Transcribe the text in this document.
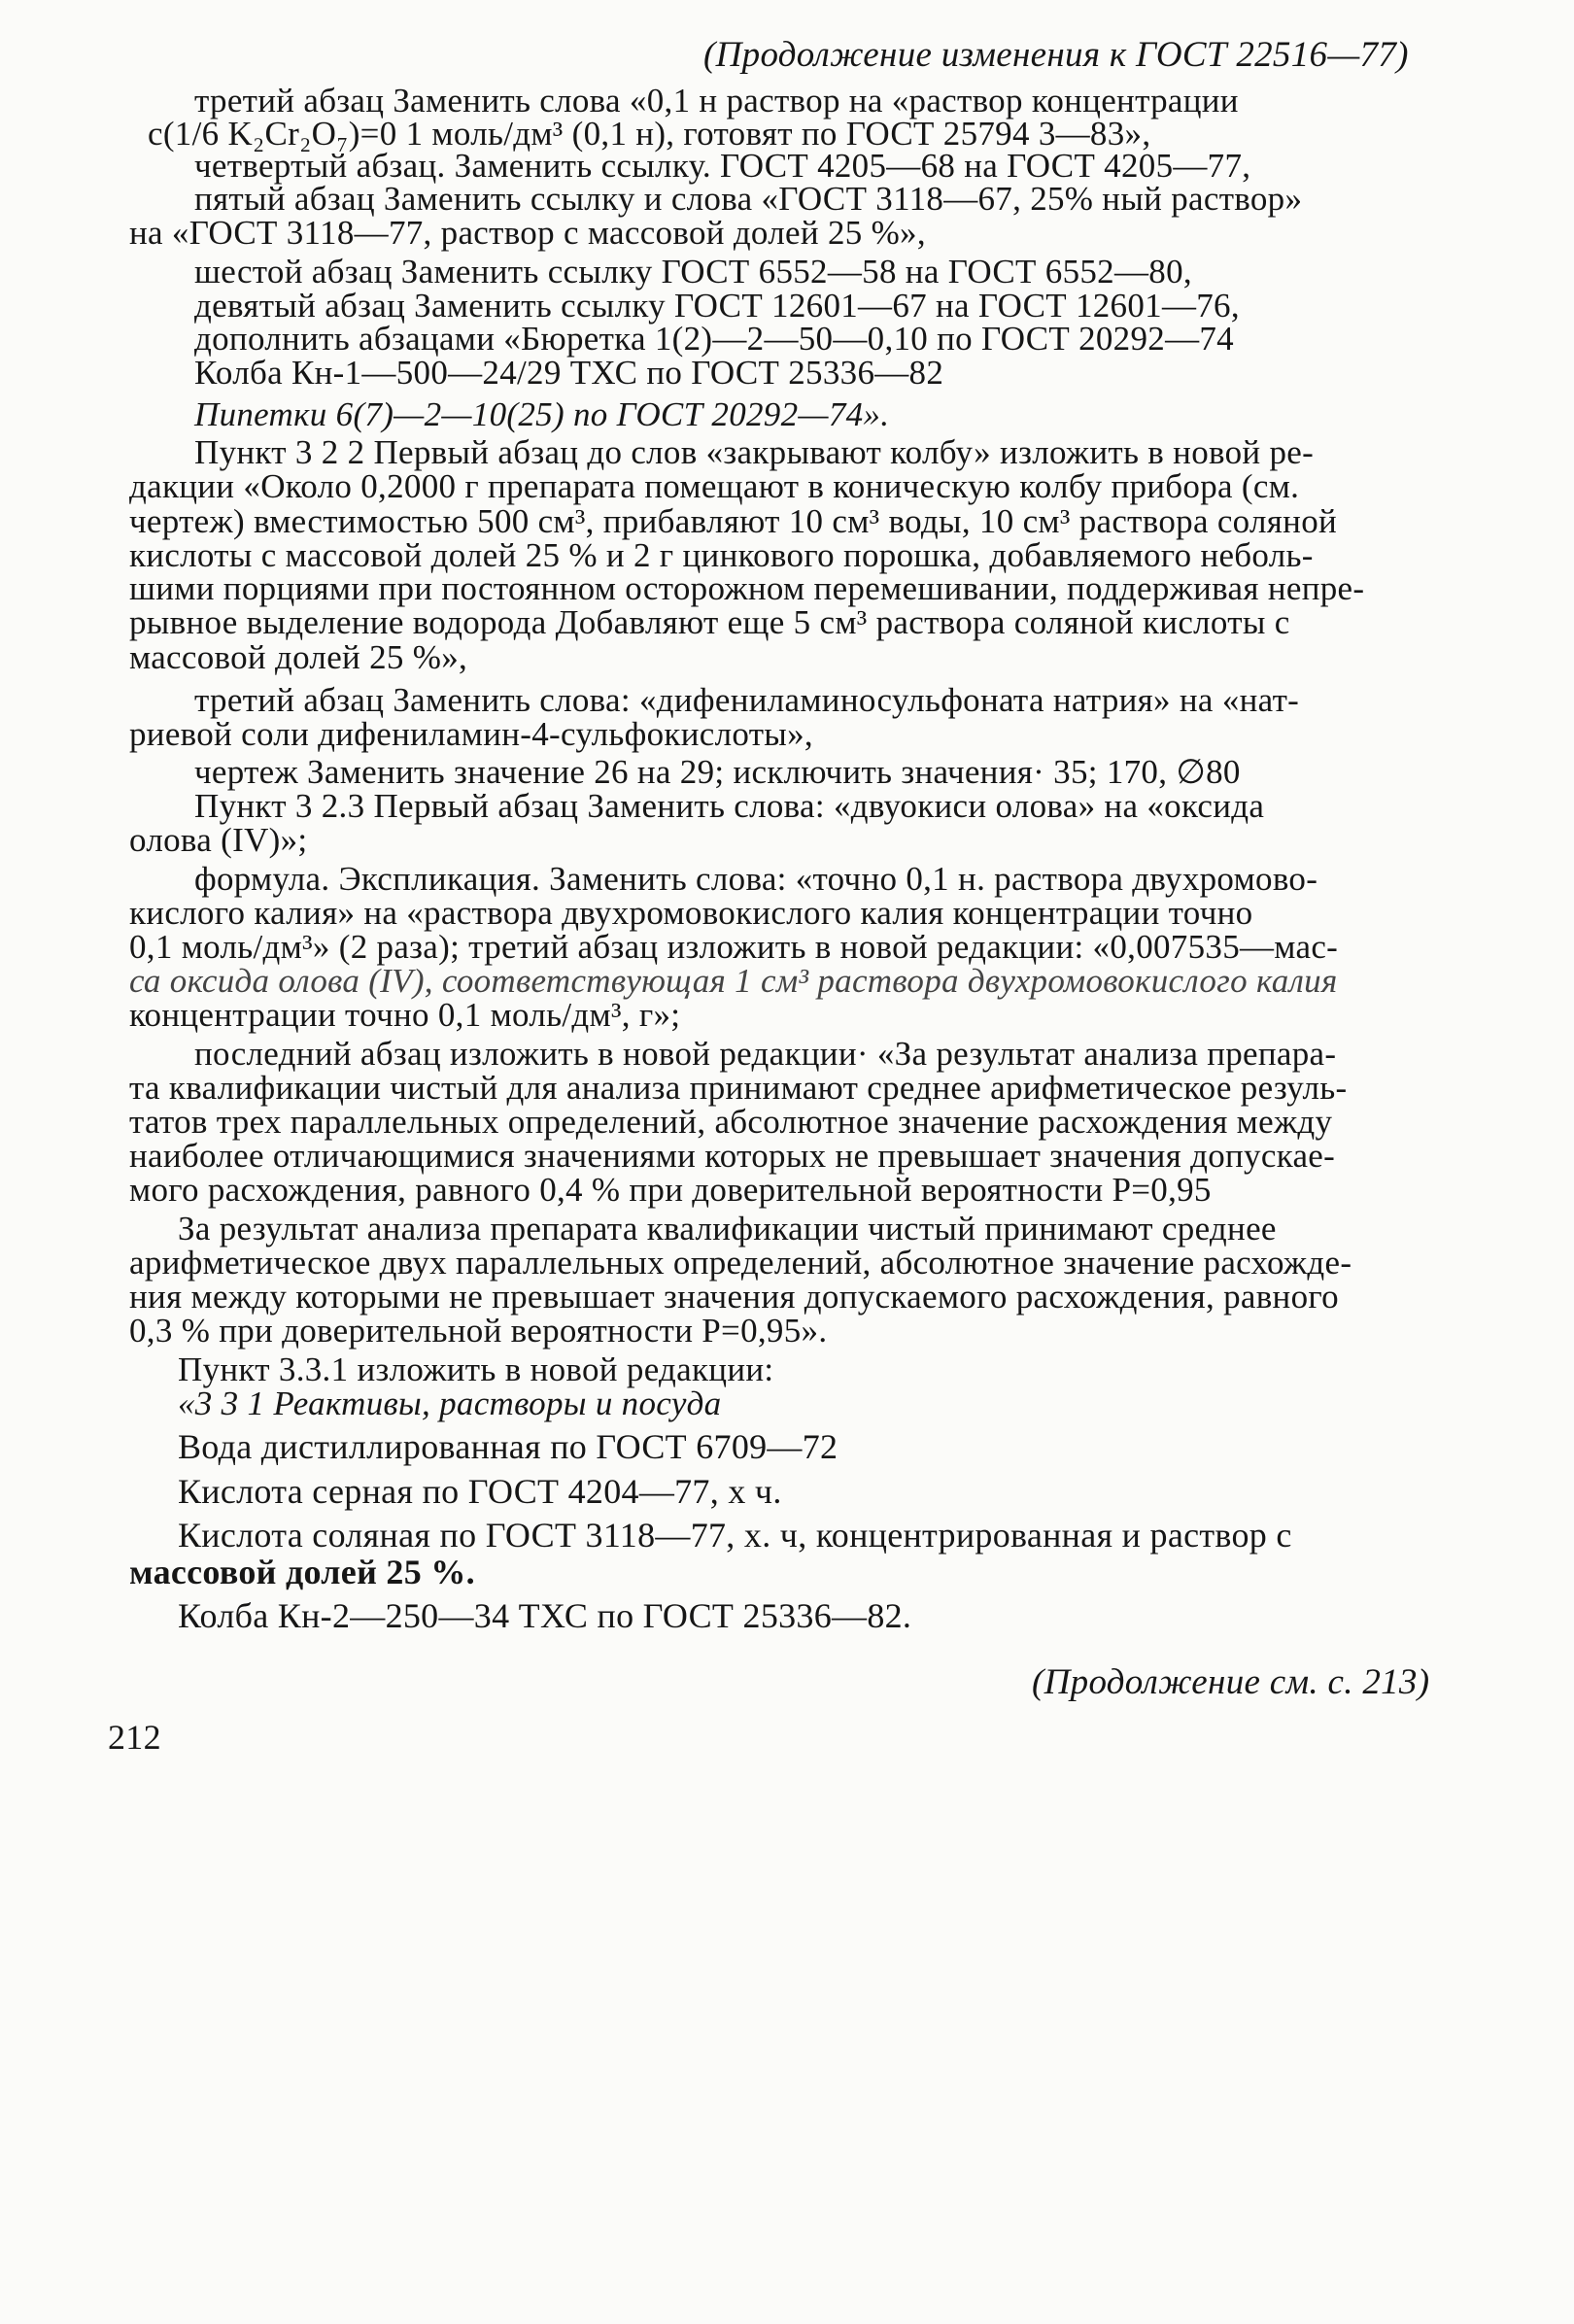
(Продолжение изменения к ГОСТ 22516—77)
третий абзац Заменить слова «0,1 н раствор на «раствор концентрации
c(1/6 K₂Cr₂O₇)=0 1 моль/дм³ (0,1 н), готовят по ГОСТ 25794 3—83»,
четвертый абзац. Заменить ссылку. ГОСТ 4205—68 на ГОСТ 4205—77,
пятый абзац Заменить ссылку и слова «ГОСТ 3118—67, 25% ный раствор»
на «ГОСТ 3118—77, раствор с массовой долей 25 %»,
шестой абзац Заменить ссылку ГОСТ 6552—58 на ГОСТ 6552—80,
девятый абзац Заменить ссылку ГОСТ 12601—67 на ГОСТ 12601—76,
дополнить абзацами «Бюретка 1(2)—2—50—0,10 по ГОСТ 20292—74
Колба Кн-1—500—24/29 ТХС по ГОСТ 25336—82
Пипетки 6(7)—2—10(25) по ГОСТ 20292—74».
Пункт 3 2 2 Первый абзац до слов «закрывают колбу» изложить в новой ре-
дакции «Около 0,2000 г препарата помещают в коническую колбу прибора (см.
чертеж) вместимостью 500 см³, прибавляют 10 см³ воды, 10 см³ раствора соляной
кислоты с массовой долей 25 % и 2 г цинкового порошка, добавляемого неболь-
шими порциями при постоянном осторожном перемешивании, поддерживая непре-
рывное выделение водорода Добавляют еще 5 см³ раствора соляной кислоты с
массовой долей 25 %»,
третий абзац Заменить слова: «дифениламиносульфоната натрия» на «нат-
риевой соли дифениламин-4-сульфокислоты»,
чертеж Заменить значение 26 на 29; исключить значения· 35; 170, ∅80
Пункт 3 2.3 Первый абзац Заменить слова: «двуокиси олова» на «оксида
олова (IV)»;
формула. Экспликация. Заменить слова: «точно 0,1 н. раствора двухромово-
кислого калия» на «раствора двухромовокислого калия концентрации точно
0,1 моль/дм³» (2 раза); третий абзац изложить в новой редакции: «0,007535—мас-
са оксида олова (IV), соответствующая 1 см³ раствора двухромовокислого калия
концентрации точно 0,1 моль/дм³, г»;
последний абзац изложить в новой редакции· «За результат анализа препара-
та квалификации чистый для анализа принимают среднее арифметическое резуль-
татов трех параллельных определений, абсолютное значение расхождения между
наиболее отличающимися значениями которых не превышает значения допускае-
мого расхождения, равного 0,4 % при доверительной вероятности P=0,95
За результат анализа препарата квалификации чистый принимают среднее
арифметическое двух параллельных определений, абсолютное значение расхожде-
ния между которыми не превышает значения допускаемого расхождения, равного
0,3 % при доверительной вероятности P=0,95».
Пункт 3.3.1 изложить в новой редакции:
«3 3 1 Реактивы, растворы и посуда
Вода дистиллированная по ГОСТ 6709—72
Кислота серная по ГОСТ 4204—77, х ч.
Кислота соляная по ГОСТ 3118—77, х. ч, концентрированная и раствор с
массовой долей 25 %.
Колба Кн-2—250—34 ТХС по ГОСТ 25336—82.
(Продолжение см. с. 213)
212
